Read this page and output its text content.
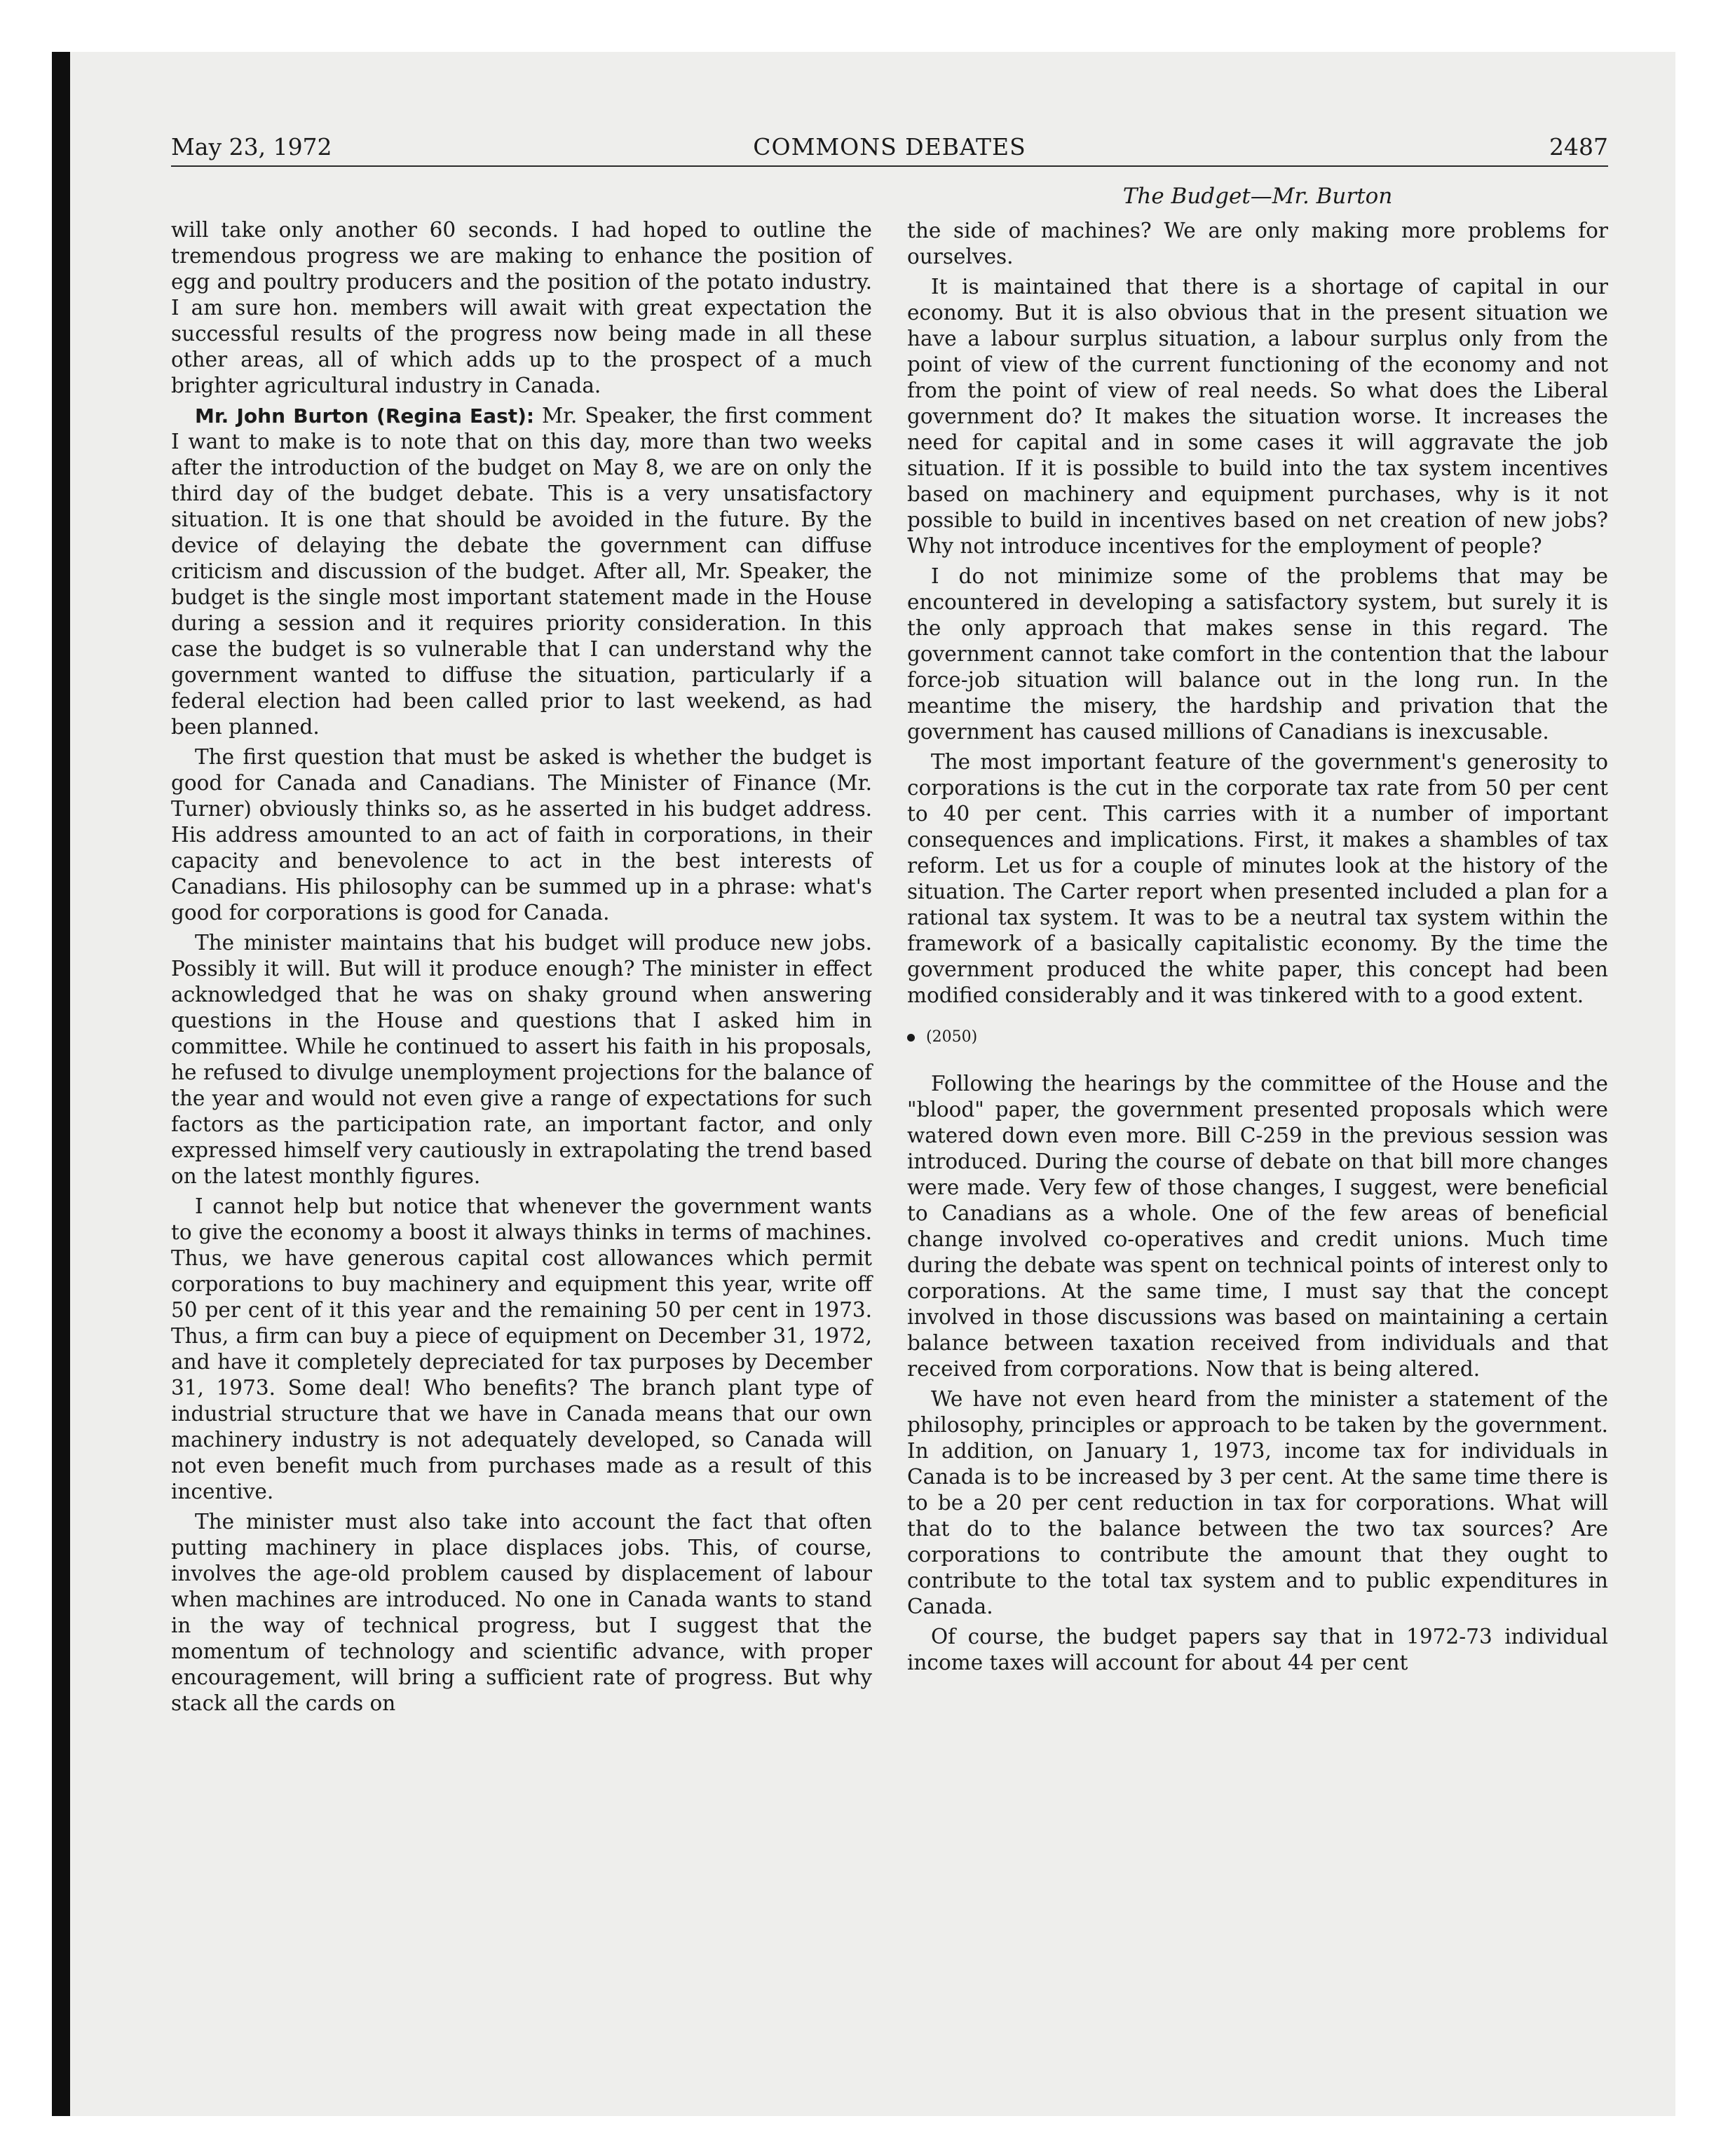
May 23, 1972	COMMONS DEBATES	2487

will take only another 60 seconds. I had hoped to outline the tremendous progress we are making to enhance the position of egg and poultry producers and the position of the potato industry. I am sure hon. members will await with great expectation the successful results of the progress now being made in all these other areas, all of which adds up to the prospect of a much brighter agricultural industry in Canada.

Mr. John Burton (Regina East): Mr. Speaker, the first comment I want to make is to note that on this day, more than two weeks after the introduction of the budget on May 8, we are on only the third day of the budget debate. This is a very unsatisfactory situation. It is one that should be avoided in the future. By the device of delaying the debate the government can diffuse criticism and discussion of the budget. After all, Mr. Speaker, the budget is the single most important statement made in the House during a session and it requires priority consideration. In this case the budget is so vulnerable that I can understand why the government wanted to diffuse the situation, particularly if a federal election had been called prior to last weekend, as had been planned.

The first question that must be asked is whether the budget is good for Canada and Canadians. The Minister of Finance (Mr. Turner) obviously thinks so, as he asserted in his budget address. His address amounted to an act of faith in corporations, in their capacity and benevolence to act in the best interests of Canadians. His philosophy can be summed up in a phrase: what's good for corporations is good for Canada.

The minister maintains that his budget will produce new jobs. Possibly it will. But will it produce enough? The minister in effect acknowledged that he was on shaky ground when answering questions in the House and questions that I asked him in committee. While he continued to assert his faith in his proposals, he refused to divulge unemployment projections for the balance of the year and would not even give a range of expectations for such factors as the participation rate, an important factor, and only expressed himself very cautiously in extrapolating the trend based on the latest monthly figures.

I cannot help but notice that whenever the government wants to give the economy a boost it always thinks in terms of machines. Thus, we have generous capital cost allowances which permit corporations to buy machinery and equipment this year, write off 50 per cent of it this year and the remaining 50 per cent in 1973. Thus, a firm can buy a piece of equipment on December 31, 1972, and have it completely depreciated for tax purposes by December 31, 1973. Some deal! Who benefits? The branch plant type of industrial structure that we have in Canada means that our own machinery industry is not adequately developed, so Canada will not even benefit much from purchases made as a result of this incentive.

The minister must also take into account the fact that often putting machinery in place displaces jobs. This, of course, involves the age-old problem caused by displacement of labour when machines are introduced. No one in Canada wants to stand in the way of technical progress, but I suggest that the momentum of technology and scientific advance, with proper encouragement, will bring a sufficient rate of progress. But why stack all the cards on

The Budget—Mr. Burton

the side of machines? We are only making more problems for ourselves.

It is maintained that there is a shortage of capital in our economy. But it is also obvious that in the present situation we have a labour surplus situation, a labour surplus only from the point of view of the current functioning of the economy and not from the point of view of real needs. So what does the Liberal government do? It makes the situation worse. It increases the need for capital and in some cases it will aggravate the job situation. If it is possible to build into the tax system incentives based on machinery and equipment purchases, why is it not possible to build in incentives based on net creation of new jobs? Why not introduce incentives for the employment of people?

I do not minimize some of the problems that may be encountered in developing a satisfactory system, but surely it is the only approach that makes sense in this regard. The government cannot take comfort in the contention that the labour force-job situation will balance out in the long run. In the meantime the misery, the hardship and privation that the government has caused millions of Canadians is inexcusable.

The most important feature of the government's generosity to corporations is the cut in the corporate tax rate from 50 per cent to 40 per cent. This carries with it a number of important consequences and implications. First, it makes a shambles of tax reform. Let us for a couple of minutes look at the history of the situation. The Carter report when presented included a plan for a rational tax system. It was to be a neutral tax system within the framework of a basically capitalistic economy. By the time the government produced the white paper, this concept had been modified considerably and it was tinkered with to a good extent.

(2050)

Following the hearings by the committee of the House and the "blood" paper, the government presented proposals which were watered down even more. Bill C-259 in the previous session was introduced. During the course of debate on that bill more changes were made. Very few of those changes, I suggest, were beneficial to Canadians as a whole. One of the few areas of beneficial change involved co-operatives and credit unions. Much time during the debate was spent on technical points of interest only to corporations. At the same time, I must say that the concept involved in those discussions was based on maintaining a certain balance between taxation received from individuals and that received from corporations. Now that is being altered.

We have not even heard from the minister a statement of the philosophy, principles or approach to be taken by the government. In addition, on January 1, 1973, income tax for individuals in Canada is to be increased by 3 per cent. At the same time there is to be a 20 per cent reduction in tax for corporations. What will that do to the balance between the two tax sources? Are corporations to contribute the amount that they ought to contribute to the total tax system and to public expenditures in Canada.

Of course, the budget papers say that in 1972-73 individual income taxes will account for about 44 per cent
